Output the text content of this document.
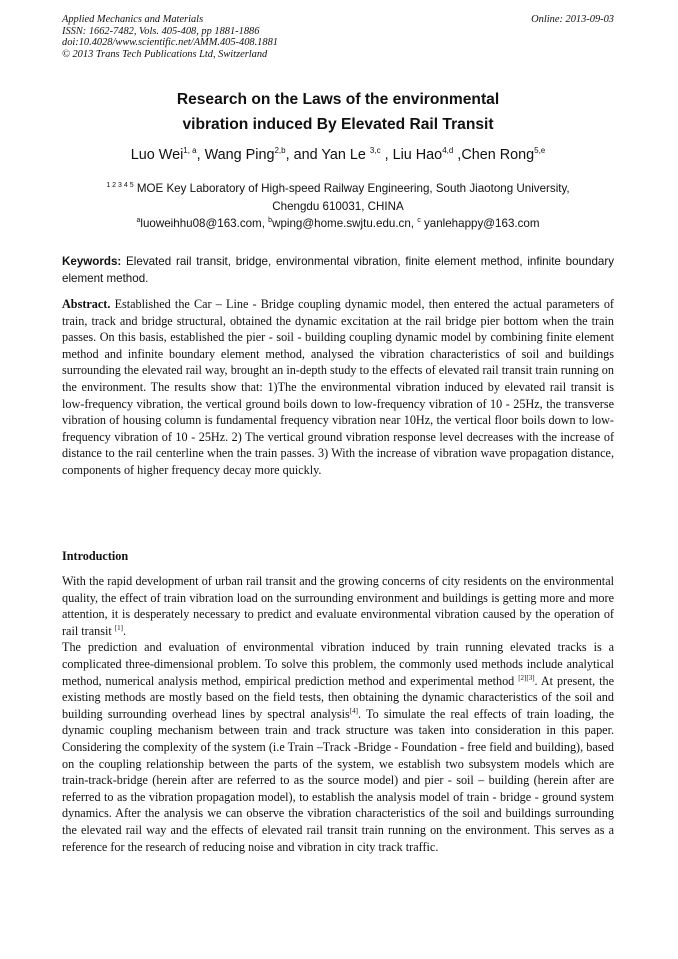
Applied Mechanics and Materials
ISSN: 1662-7482, Vols. 405-408, pp 1881-1886
doi:10.4028/www.scientific.net/AMM.405-408.1881
© 2013 Trans Tech Publications Ltd, Switzerland
Online: 2013-09-03
Research on the Laws of the environmental
vibration induced By Elevated Rail Transit
Luo Wei$^{1, a}$, Wang Ping$^{2,b}$, and Yan Le $^{3,c}$ , Liu Hao$^{4,d}$ ,Chen Rong$^{5,e}$
$^{1 2 3 4 5}$ MOE Key Laboratory of High-speed Railway Engineering, South Jiaotong University,
Chengdu 610031, CHINA
$^a$luoweihhu08@163.com, $^b$wping@home.swjtu.edu.cn, $^c$ yanlehappy@163.com
Keywords: Elevated rail transit, bridge, environmental vibration, finite element method, infinite boundary element method.
Abstract. Established the Car – Line - Bridge coupling dynamic model, then entered the actual parameters of train, track and bridge structural, obtained the dynamic excitation at the rail bridge pier bottom when the train passes. On this basis, established the pier - soil - building coupling dynamic model by combining finite element method and infinite boundary element method, analysed the vibration characteristics of soil and buildings surrounding the elevated rail way, brought an in-depth study to the effects of elevated rail transit train running on the environment. The results show that: 1)The the environmental vibration induced by elevated rail transit is low-frequency vibration, the vertical ground boils down to low-frequency vibration of 10 - 25Hz, the transverse vibration of housing column is fundamental frequency vibration near 10Hz, the vertical floor boils down to low-frequency vibration of 10 - 25Hz. 2) The vertical ground vibration response level decreases with the increase of distance to the rail centerline when the train passes. 3) With the increase of vibration wave propagation distance, components of higher frequency decay more quickly.
Introduction

With the rapid development of urban rail transit and the growing concerns of city residents on the environmental quality, the effect of train vibration load on the surrounding environment and buildings is getting more and more attention, it is desperately necessary to predict and evaluate environmental vibration caused by the operation of rail transit [1].

The prediction and evaluation of environmental vibration induced by train running elevated tracks is a complicated three-dimensional problem. To solve this problem, the commonly used methods include analytical method, numerical analysis method, empirical prediction method and experimental method [2][3]. At present, the existing methods are mostly based on the field tests, then obtaining the dynamic characteristics of the soil and building surrounding overhead lines by spectral analysis[4]. To simulate the real effects of train loading, the dynamic coupling mechanism between train and track structure was taken into consideration in this paper. Considering the complexity of the system (i.e Train –Track -Bridge - Foundation - free field and building), based on the coupling relationship between the parts of the system, we establish two subsystem models which are train-track-bridge (herein after are referred to as the source model) and pier - soil – building (herein after are referred to as the vibration propagation model), to establish the analysis model of train - bridge - ground system dynamics. After the analysis we can observe the vibration characteristics of the soil and buildings surrounding the elevated rail way and the effects of elevated rail transit train running on the environment. This serves as a reference for the research of reducing noise and vibration in city track traffic.
